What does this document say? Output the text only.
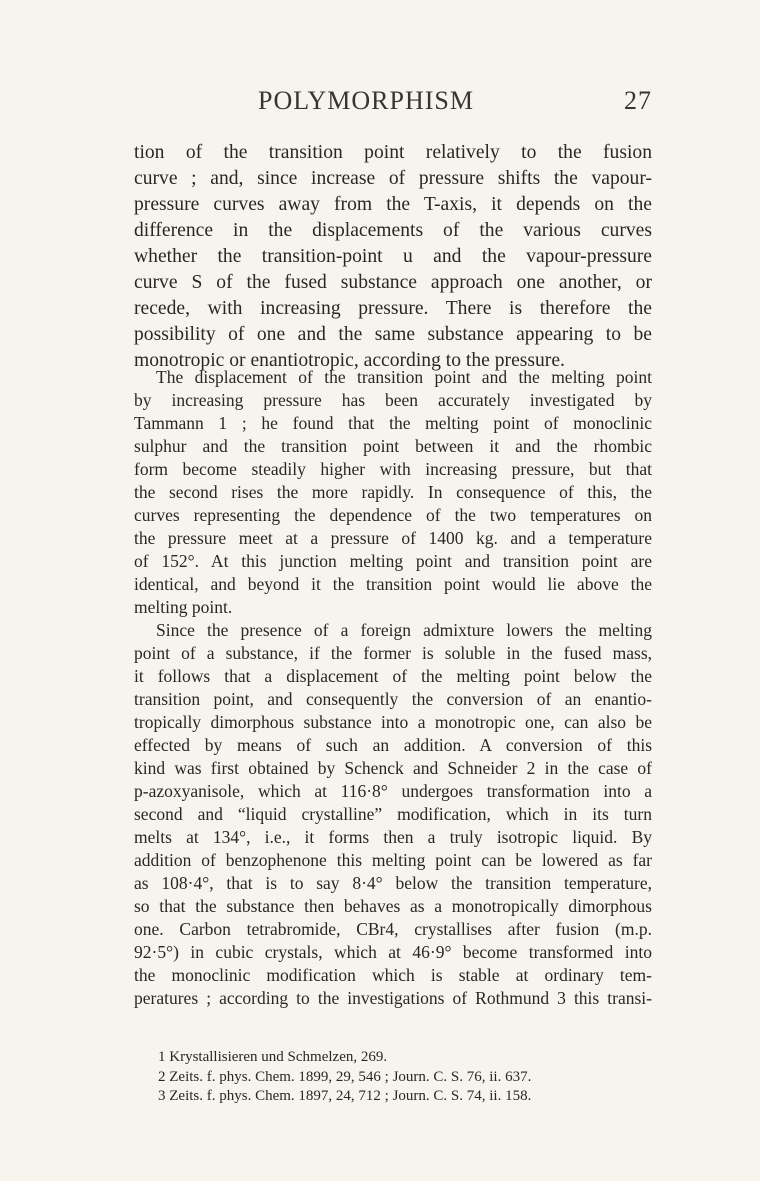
POLYMORPHISM	27
tion of the transition point relatively to the fusion
curve ; and, since increase of pressure shifts the vapour-
pressure curves away from the T-axis, it depends on the
difference in the displacements of the various curves
whether the transition-point u and the vapour-pressure
curve S of the fused substance approach one another, or
recede, with increasing pressure. There is therefore the
possibility of one and the same substance appearing to be
monotropic or enantiotropic, according to the pressure.
The displacement of the transition point and the melting point
by increasing pressure has been accurately investigated by
Tammann 1 ; he found that the melting point of monoclinic
sulphur and the transition point between it and the rhombic
form become steadily higher with increasing pressure, but that
the second rises the more rapidly. In consequence of this, the
curves representing the dependence of the two temperatures on
the pressure meet at a pressure of 1400 kg. and a temperature
of 152°. At this junction melting point and transition point are
identical, and beyond it the transition point would lie above the
melting point.
Since the presence of a foreign admixture lowers the melting
point of a substance, if the former is soluble in the fused mass,
it follows that a displacement of the melting point below the
transition point, and consequently the conversion of an enantio-
tropically dimorphous substance into a monotropic one, can also be
effected by means of such an addition. A conversion of this
kind was first obtained by Schenck and Schneider 2 in the case of
p-azoxyanisole, which at 116·8° undergoes transformation into a
second and “liquid crystalline” modification, which in its turn
melts at 134°, i.e., it forms then a truly isotropic liquid. By
addition of benzophenone this melting point can be lowered as far
as 108·4°, that is to say 8·4° below the transition temperature,
so that the substance then behaves as a monotropically dimorphous
one. Carbon tetrabromide, CBr4, crystallises after fusion (m.p.
92·5°) in cubic crystals, which at 46·9° become transformed into
the monoclinic modification which is stable at ordinary tem-
peratures ; according to the investigations of Rothmund 3 this transi-
1 Krystallisieren und Schmelzen, 269.
2 Zeits. f. phys. Chem. 1899, 29, 546 ; Journ. C. S. 76, ii. 637.
3 Zeits. f. phys. Chem. 1897, 24, 712 ; Journ. C. S. 74, ii. 158.
